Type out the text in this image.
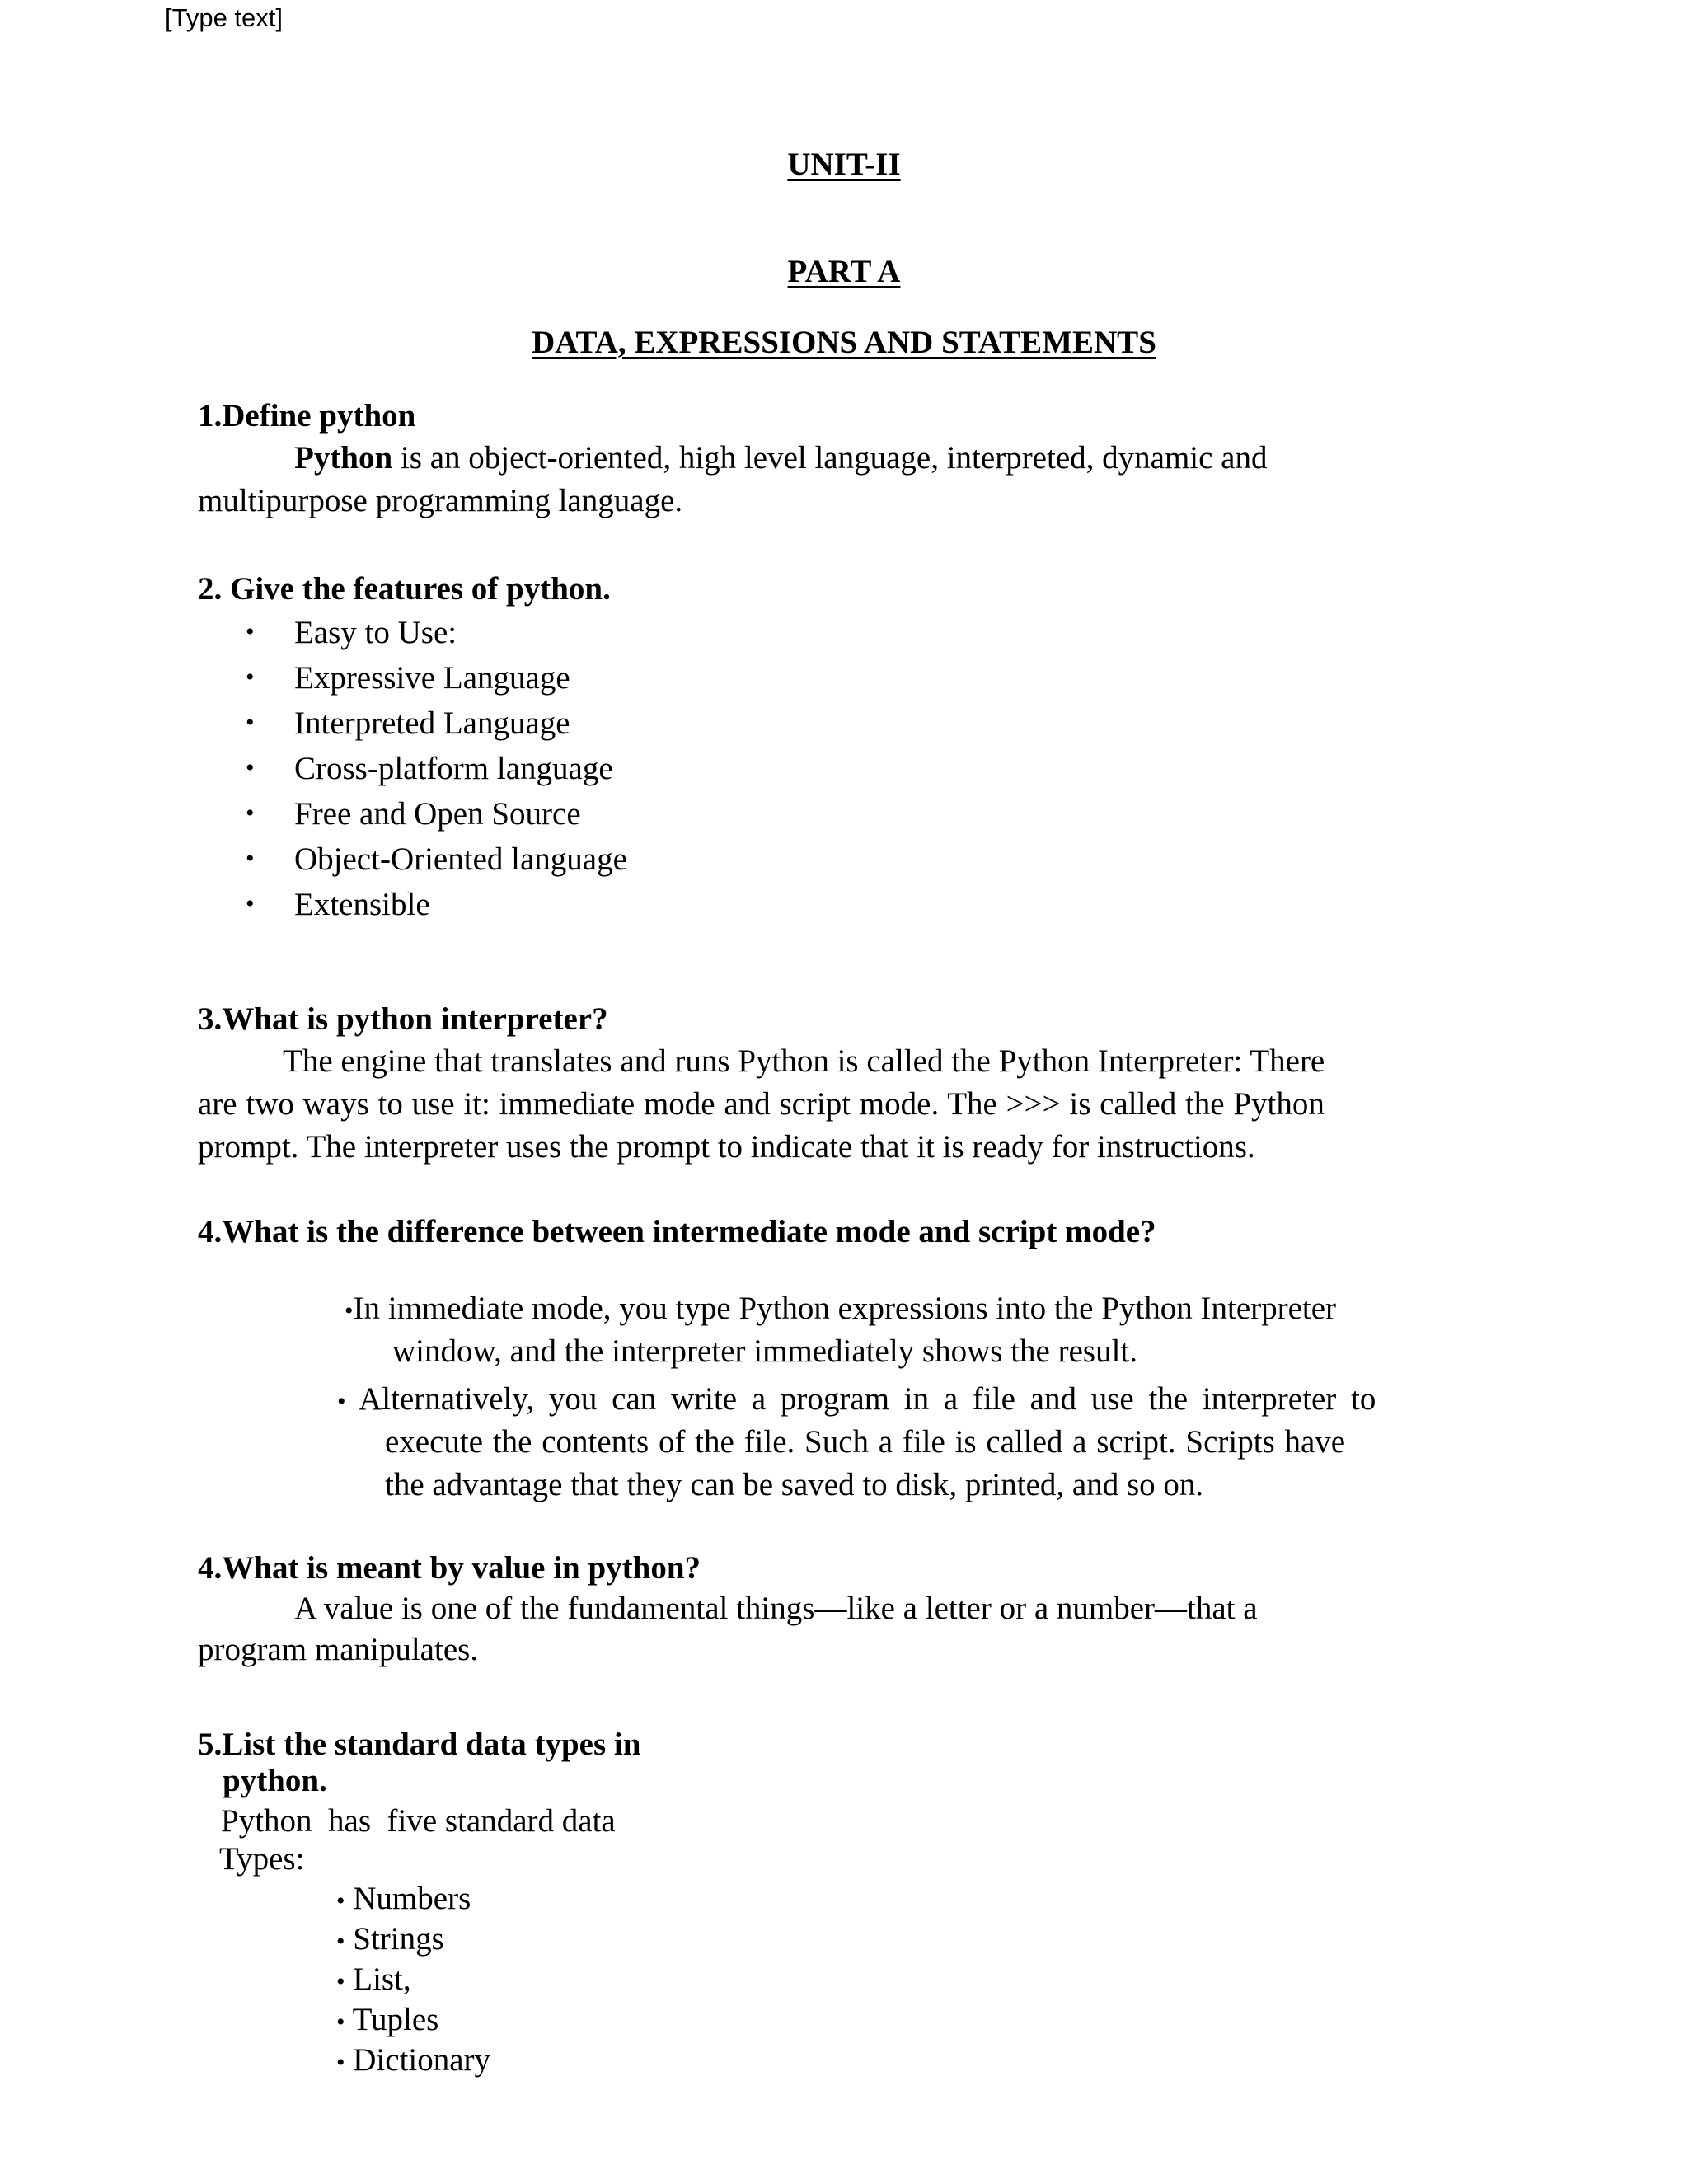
[Type text]
UNIT-II
PART A
DATA, EXPRESSIONS AND STATEMENTS
1.Define python
Python is an object-oriented, high level language, interpreted, dynamic and
multipurpose programming language.
2. Give the features of python.
• Easy to Use:
• Expressive Language
• Interpreted Language
• Cross-platform language
• Free and Open Source
• Object-Oriented language
• Extensible
3.What is python interpreter?
The engine that translates and runs Python is called the Python Interpreter: There
are two ways to use it: immediate mode and script mode. The >>> is called the Python
prompt. The interpreter uses the prompt to indicate that it is ready for instructions.
4.What is the difference between intermediate mode and script mode?
•In immediate mode, you type Python expressions into the Python Interpreter
window, and the interpreter immediately shows the result.
• Alternatively, you can write a program in a file and use the interpreter to
execute the contents of the file. Such a file is called a script. Scripts have
the advantage that they can be saved to disk, printed, and so on.
4.What is meant by value in python?
A value is one of the fundamental things—like a letter or a number—that a
program manipulates.
5.List the standard data types in
python.
Python  has  five standard data
Types:
• Numbers
• Strings
• List,
• Tuples
• Dictionary
